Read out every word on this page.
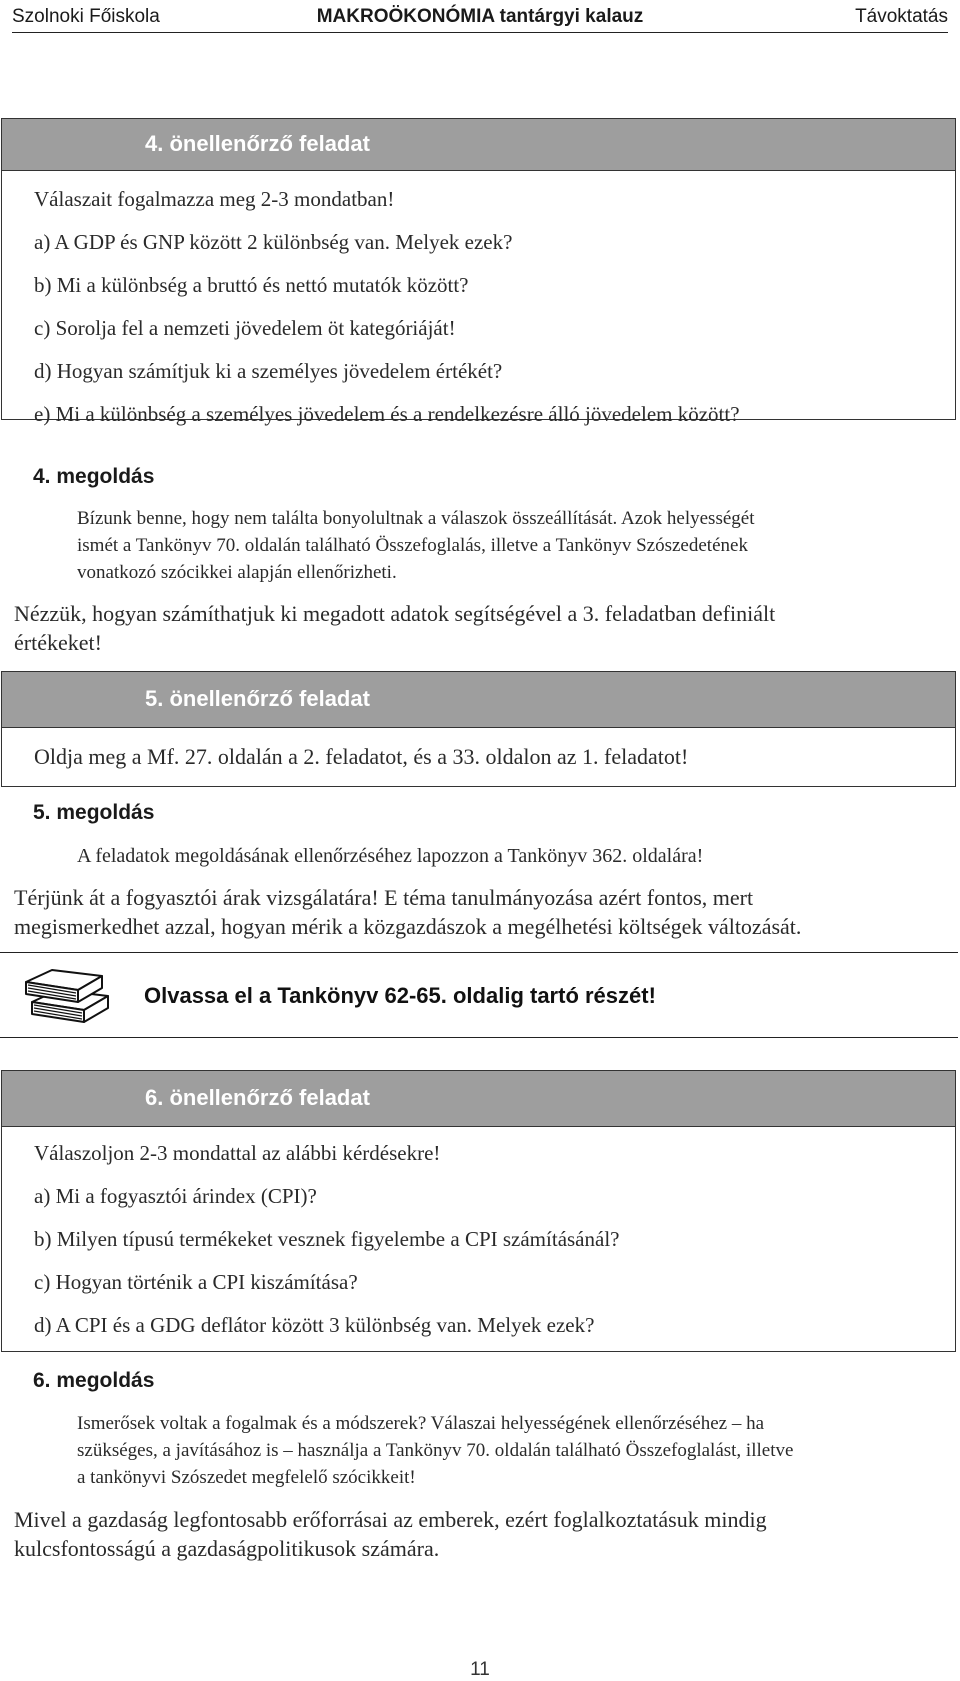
Szolnoki Főiskola	MAKROÖKONÓMIA tantárgyi kalauz	Távoktatás
4. önellenőrző feladat
Válaszait fogalmazza meg 2-3 mondatban!
a) A GDP és GNP között 2 különbség van. Melyek ezek?
b) Mi a különbség a bruttó és nettó mutatók között?
c) Sorolja fel a nemzeti jövedelem öt kategóriáját!
d) Hogyan számítjuk ki a személyes jövedelem értékét?
e) Mi a különbség a személyes jövedelem és a rendelkezésre álló jövedelem között?
4. megoldás
Bízunk benne, hogy nem találta bonyolultnak a válaszok összeállítását. Azok helyességét
ismét a Tankönyv 70. oldalán található Összefoglalás, illetve a Tankönyv Szószedetének
vonatkozó szócikkei alapján ellenőrizheti.
Nézzük, hogyan számíthatjuk ki megadott adatok segítségével a 3. feladatban definiált
értékeket!
5. önellenőrző feladat
Oldja meg a Mf. 27. oldalán a 2. feladatot, és a 33. oldalon az 1. feladatot!
5. megoldás
A feladatok megoldásának ellenőrzéséhez lapozzon a Tankönyv 362. oldalára!
Térjünk át a fogyasztói árak vizsgálatára! E téma tanulmányozása azért fontos, mert
megismerkedhet azzal, hogyan mérik a közgazdászok a megélhetési költségek változását.
Olvassa el a Tankönyv 62-65. oldalig tartó részét!
6. önellenőrző feladat
Válaszoljon 2-3 mondattal az alábbi kérdésekre!
a) Mi a fogyasztói árindex (CPI)?
b) Milyen típusú termékeket vesznek figyelembe a CPI számításánál?
c) Hogyan történik a CPI kiszámítása?
d) A CPI és a GDG deflátor között 3 különbség van. Melyek ezek?
6. megoldás
Ismerősek voltak a fogalmak és a módszerek? Válaszai helyességének ellenőrzéséhez – ha
szükséges, a javításához is – használja a Tankönyv 70. oldalán található Összefoglalást, illetve
a tankönyvi Szószedet megfelelő szócikkeit!
Mivel a gazdaság legfontosabb erőforrásai az emberek, ezért foglalkoztatásuk mindig
kulcsfontosságú a gazdaságpolitikusok számára.
11
